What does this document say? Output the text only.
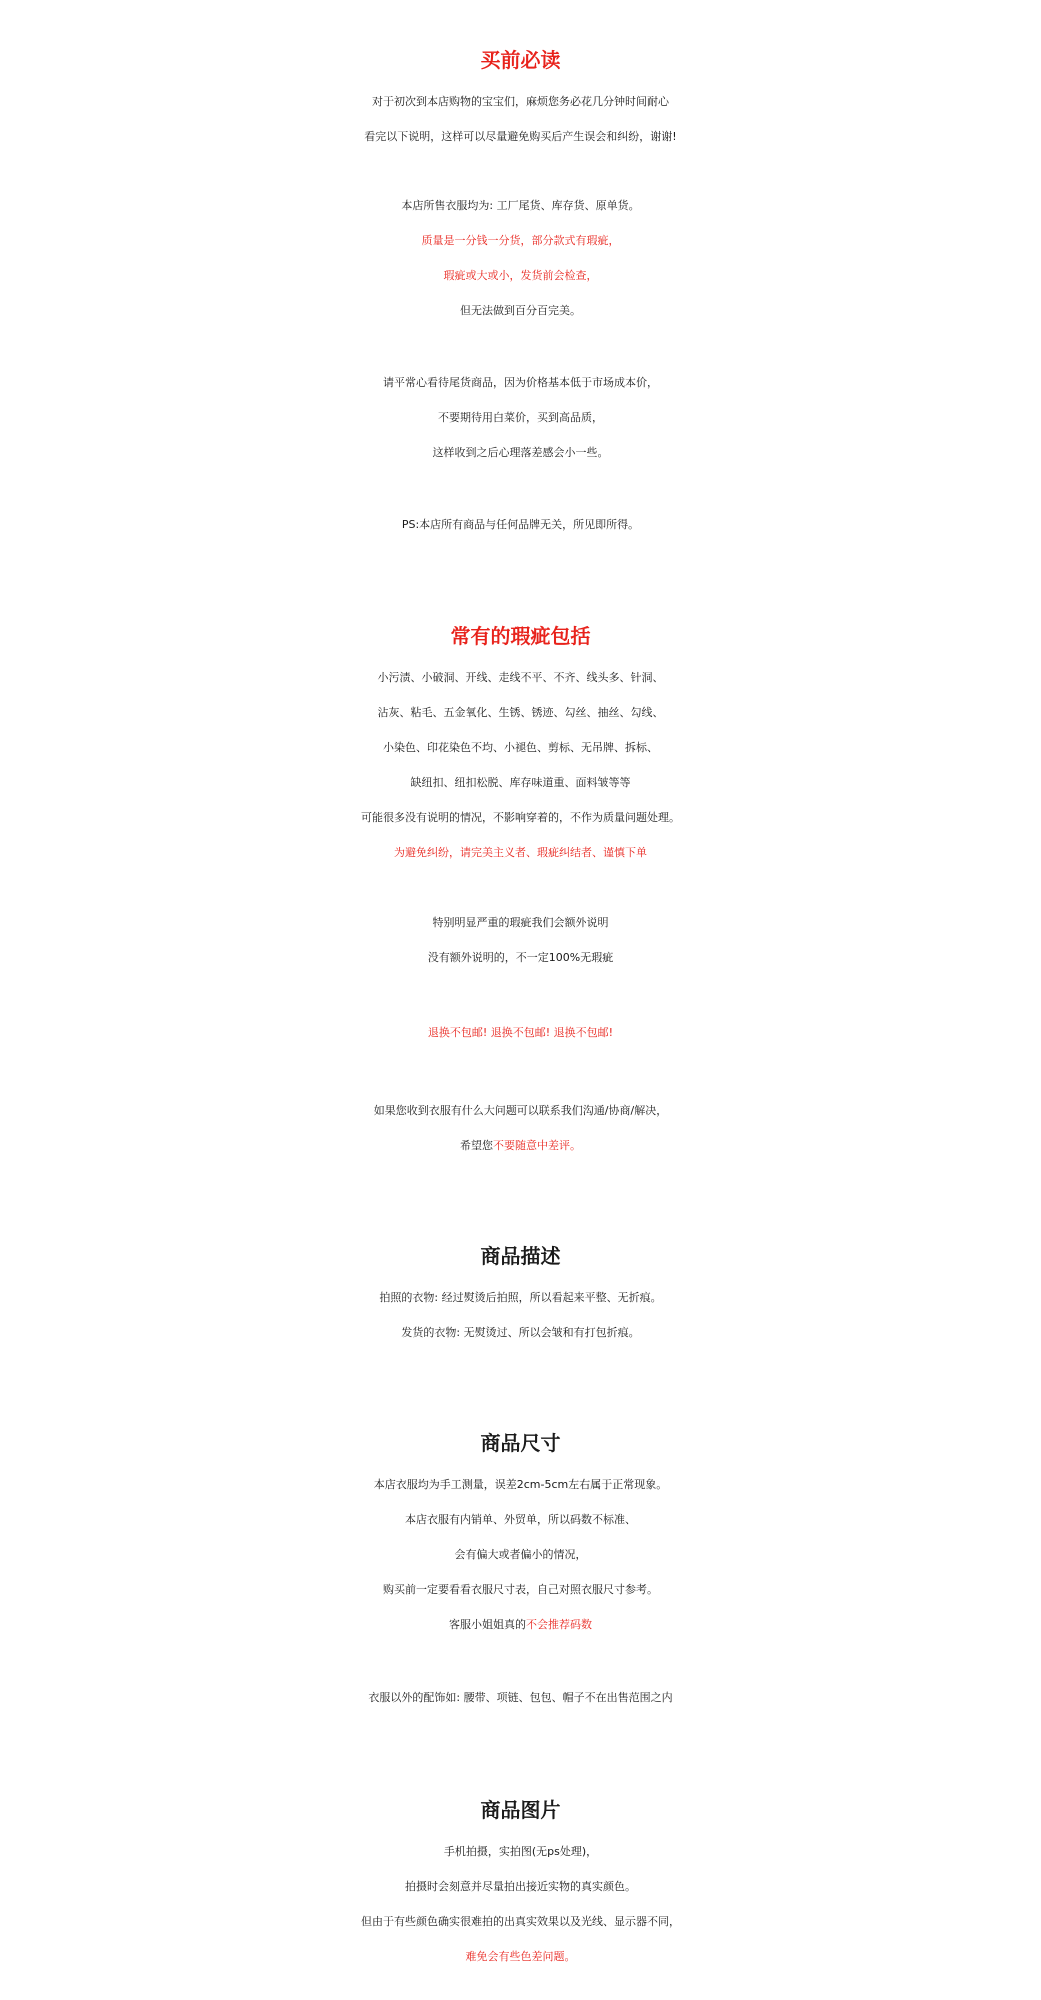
买前必读
对于初次到本店购物的宝宝们，麻烦您务必花几分钟时间耐心
看完以下说明，这样可以尽量避免购买后产生误会和纠纷，谢谢!
本店所售衣服均为: 工厂尾货、库存货、原单货。
质量是一分钱一分货，部分款式有瑕疵，
瑕疵或大或小，发货前会检查，
但无法做到百分百完美。
请平常心看待尾货商品，因为价格基本低于市场成本价，
不要期待用白菜价，买到高品质，
这样收到之后心理落差感会小一些。
PS:本店所有商品与任何品牌无关，所见即所得。
常有的瑕疵包括
小污渍、小破洞、开线、走线不平、不齐、线头多、针洞、
沾灰、粘毛、五金氧化、生锈、锈迹、勾丝、抽丝、勾线、
小染色、印花染色不均、小褪色、剪标、无吊牌、拆标、
缺纽扣、纽扣松脱、库存味道重、面料皱等等
可能很多没有说明的情况，不影响穿着的，不作为质量问题处理。
为避免纠纷，请完美主义者、瑕疵纠结者、谨慎下单
特别明显严重的瑕疵我们会额外说明
没有额外说明的，不一定100%无瑕疵
退换不包邮! 退换不包邮! 退换不包邮!
如果您收到衣服有什么大问题可以联系我们沟通/协商/解决，
希望您不要随意中差评。
商品描述
拍照的衣物: 经过熨烫后拍照，所以看起来平整、无折痕。
发货的衣物: 无熨烫过、所以会皱和有打包折痕。
商品尺寸
本店衣服均为手工测量，误差2cm-5cm左右属于正常现象。
本店衣服有内销单、外贸单，所以码数不标准、
会有偏大或者偏小的情况，
购买前一定要看看衣服尺寸表，自己对照衣服尺寸参考。
客服小姐姐真的不会推荐码数
衣服以外的配饰如: 腰带、项链、包包、帽子不在出售范围之内
商品图片
手机拍摄，实拍图(无ps处理)，
拍摄时会刻意并尽量拍出接近实物的真实颜色。
但由于有些颜色确实很难拍的出真实效果以及光线、显示器不同，
难免会有些色差问题。
